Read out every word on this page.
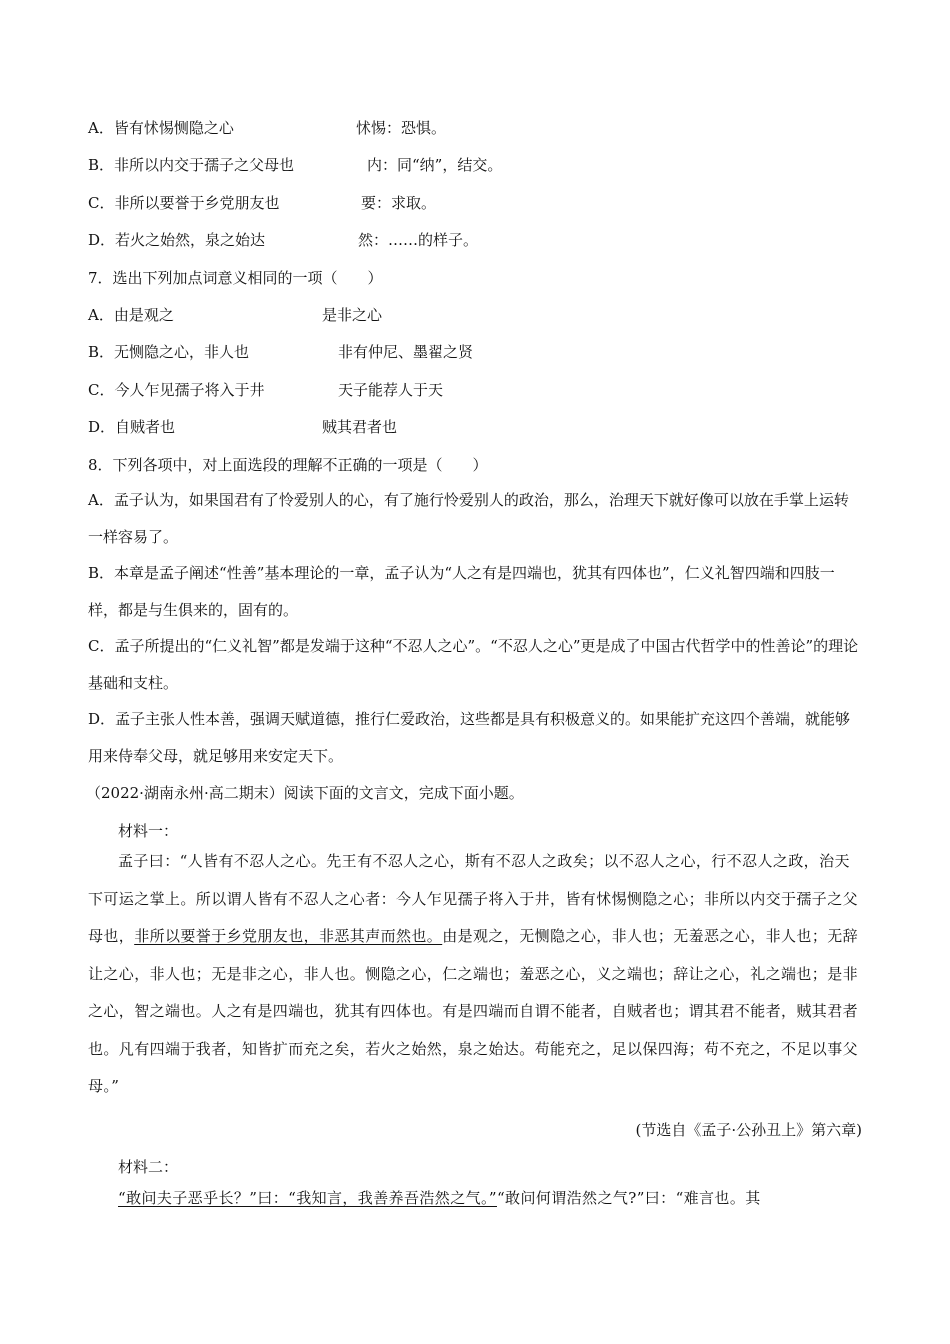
A．皆有怵惕恻隐之心	怵惕：恐惧。
B．非所以内交于孺子之父母也	内：同“纳”，结交。
C．非所以要誉于乡党朋友也	要：求取。
D．若火之始然，泉之始达	然：……的样子。
7．选出下列加点词意义相同的一项（　　）
A．由是观之	是非之心
B．无恻隐之心，非人也	非有仲尼、墨翟之贤
C．今人乍见孺子将入于井	天子能荐人于天
D．自贼者也	贼其君者也
8．下列各项中，对上面选段的理解不正确的一项是（　　）
A．孟子认为，如果国君有了怜爱别人的心，有了施行怜爱别人的政治，那么，治理天下就好像可以放在手掌上运转一样容易了。
B．本章是孟子阐述“性善”基本理论的一章，孟子认为“人之有是四端也，犹其有四体也”，仁义礼智四端和四肢一样，都是与生俱来的，固有的。
C．孟子所提出的“仁义礼智”都是发端于这种“不忍人之心”。“不忍人之心”更是成了中国古代哲学中的性善论”的理论基础和支柱。
D．孟子主张人性本善，强调天赋道德，推行仁爱政治，这些都是具有积极意义的。如果能扩充这四个善端，就能够用来侍奉父母，就足够用来安定天下。
（2022·湖南永州·高二期末）阅读下面的文言文，完成下面小题。
材料一：
孟子曰：“人皆有不忍人之心。先王有不忍人之心，斯有不忍人之政矣；以不忍人之心，行不忍人之政，治天下可运之掌上。所以谓人皆有不忍人之心者：今人乍见孺子将入于井，皆有怵惕恻隐之心；非所以内交于孺子之父母也，非所以要誉于乡党朋友也，非恶其声而然也。由是观之，无恻隐之心，非人也；无羞恶之心，非人也；无辞让之心，非人也；无是非之心，非人也。恻隐之心，仁之端也；羞恶之心，义之端也；辞让之心，礼之端也；是非之心，智之端也。人之有是四端也，犹其有四体也。有是四端而自谓不能者，自贼者也；谓其君不能者，贼其君者也。凡有四端于我者，知皆扩而充之矣，若火之始然，泉之始达。苟能充之，足以保四海；苟不充之，不足以事父母。”
(节选自《孟子·公孙丑上》第六章)
材料二：
“敢问夫子恶乎长？”曰：“我知言，我善养吾浩然之气。”“敢问何谓浩然之气?”曰：“难言也。其
